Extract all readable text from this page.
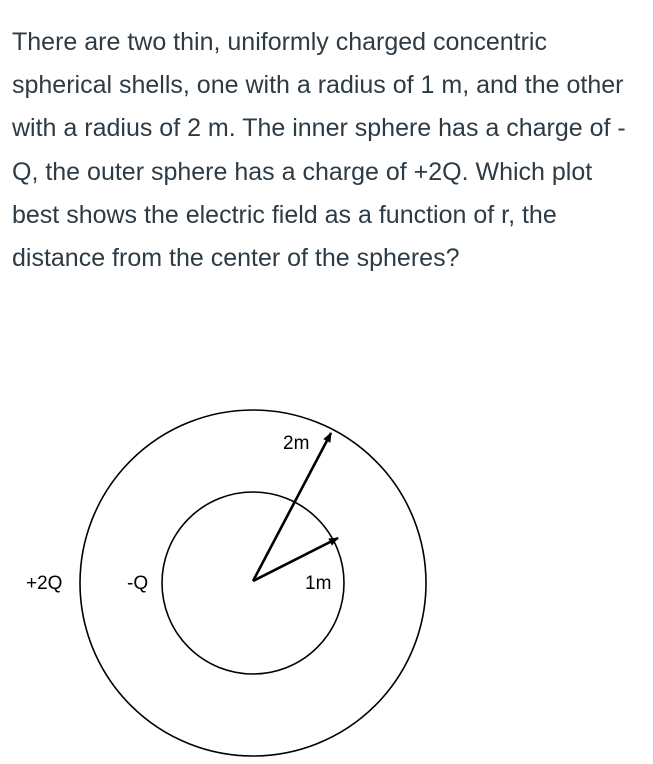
There are two thin, uniformly charged concentric spherical shells, one with a radius of 1 m, and the other with a radius of 2 m. The inner sphere has a charge of -Q, the outer sphere has a charge of +2Q. Which plot best shows the electric field as a function of r, the distance from the center of the spheres?

+2Q	-Q
2m
1m
